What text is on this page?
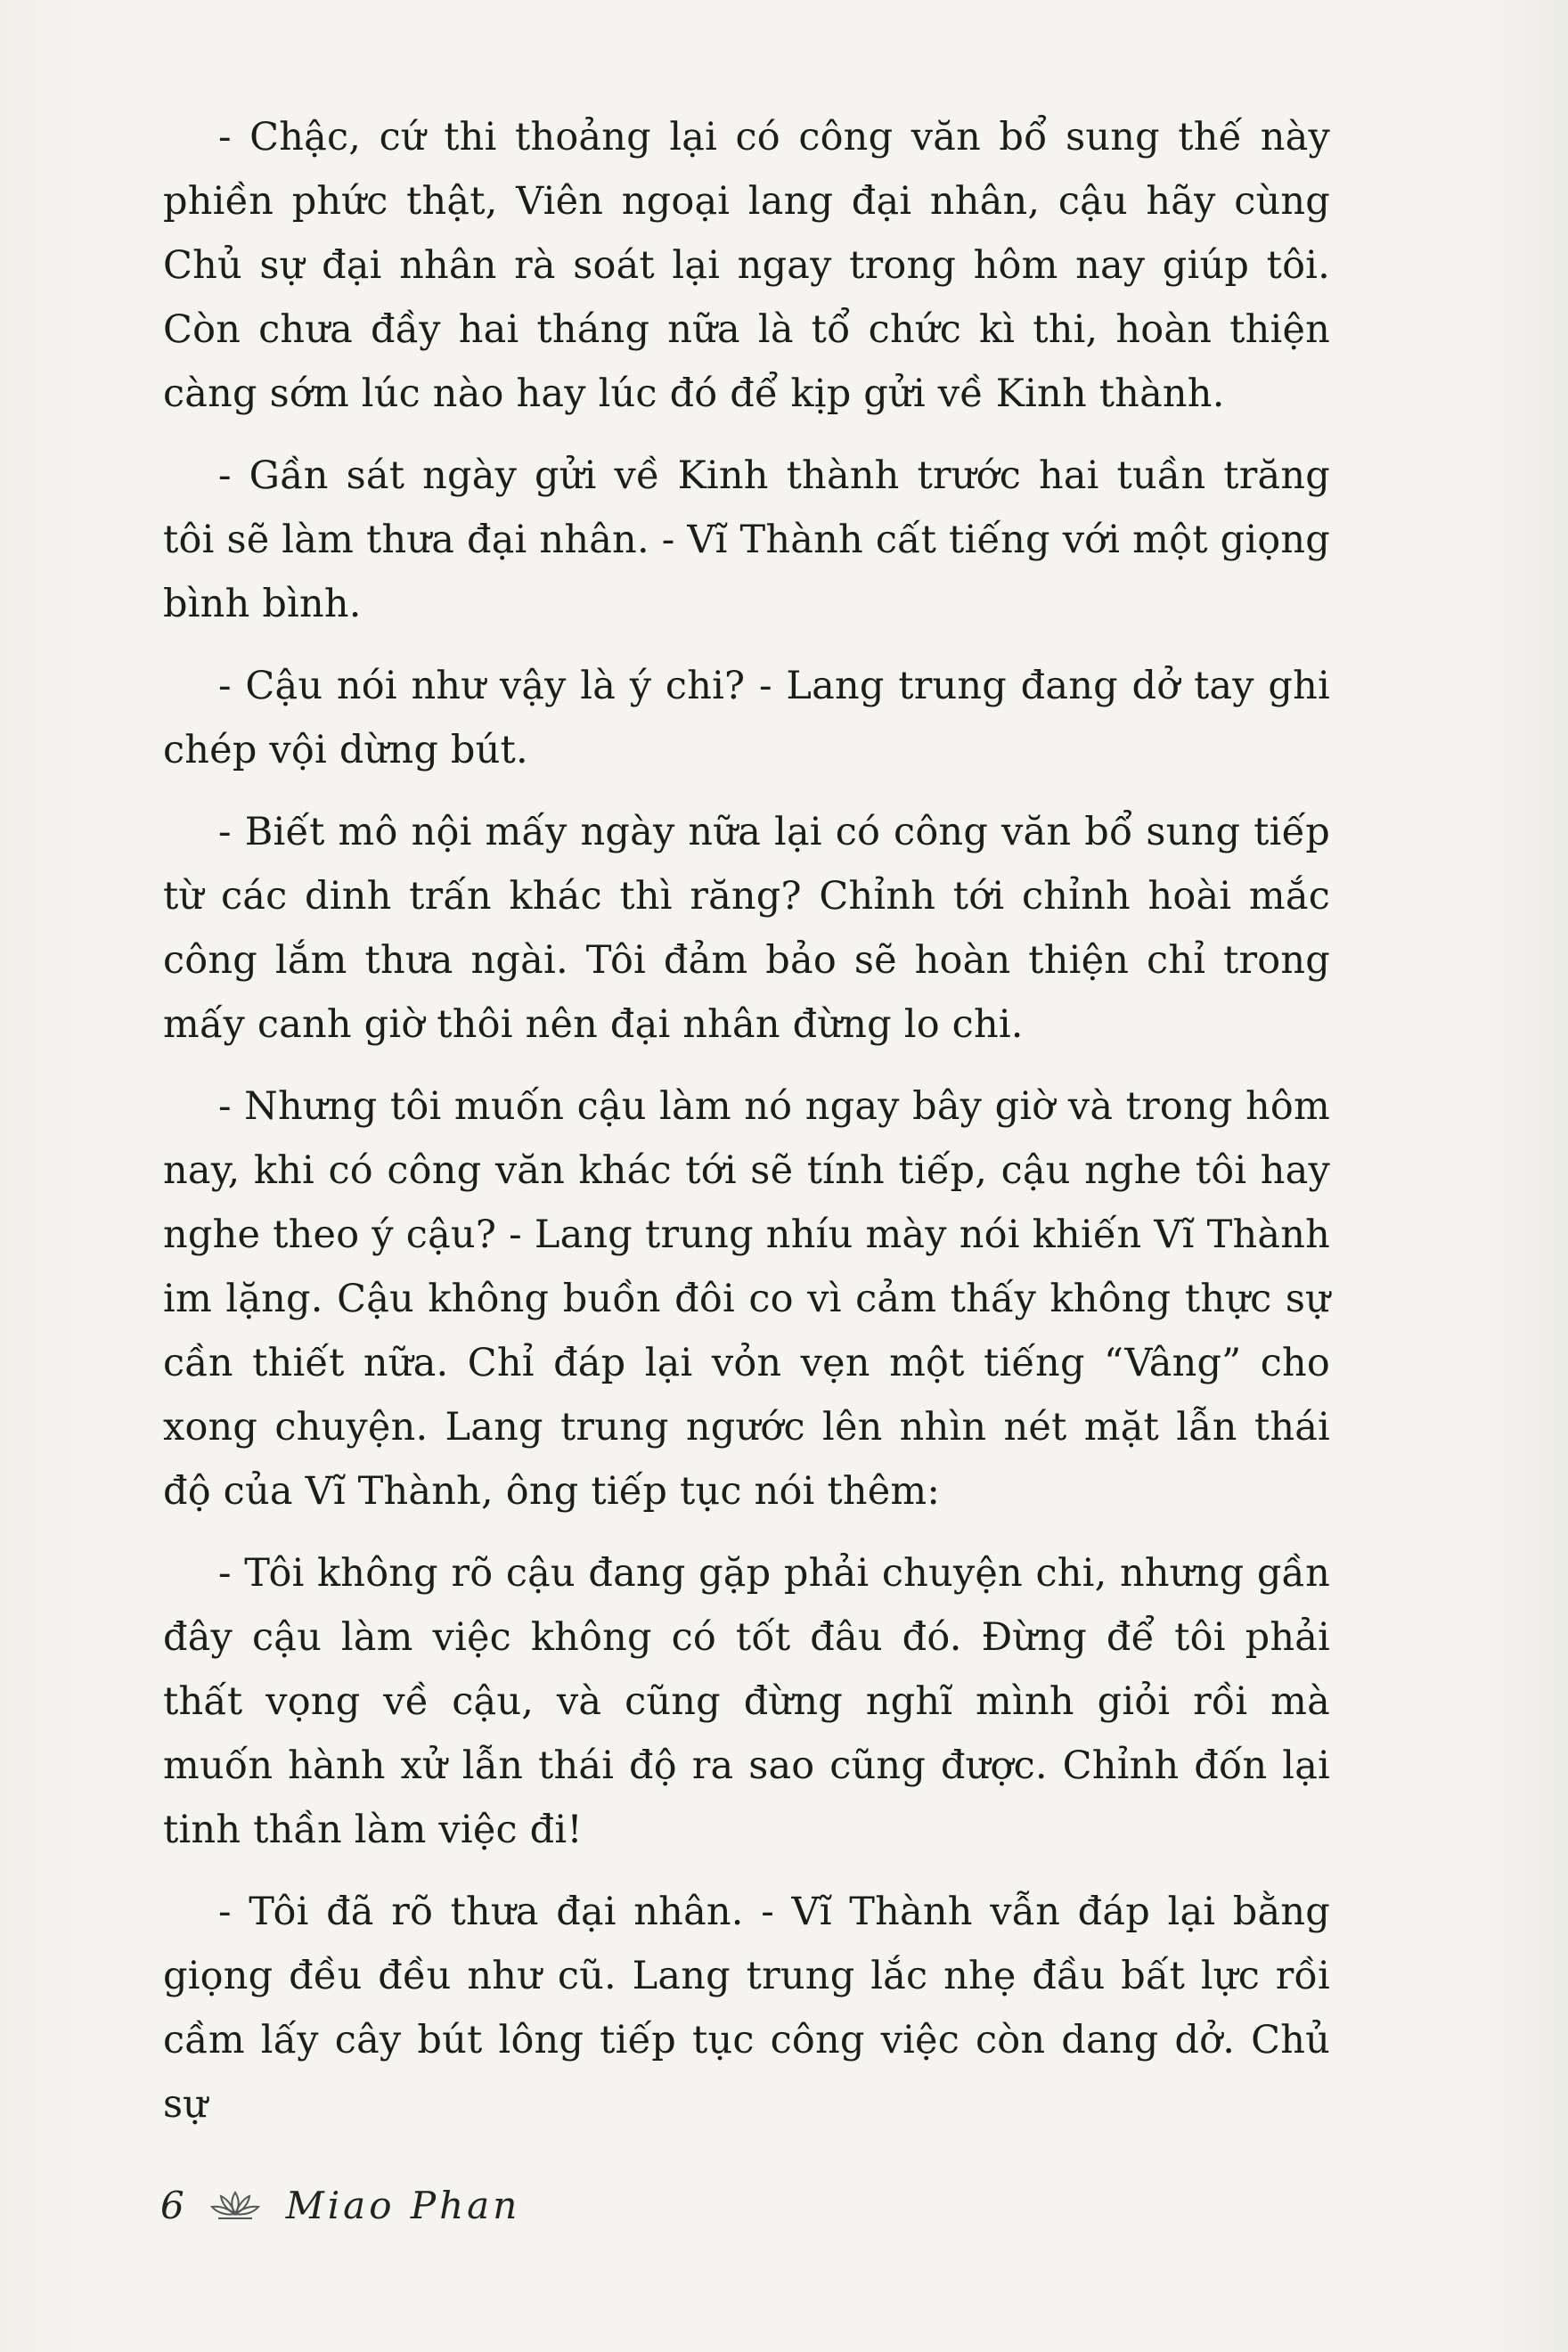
- Chậc, cứ thi thoảng lại có công văn bổ sung thế này phiền phức thật, Viên ngoại lang đại nhân, cậu hãy cùng Chủ sự đại nhân rà soát lại ngay trong hôm nay giúp tôi. Còn chưa đầy hai tháng nữa là tổ chức kì thi, hoàn thiện càng sớm lúc nào hay lúc đó để kịp gửi về Kinh thành.

- Gần sát ngày gửi về Kinh thành trước hai tuần trăng tôi sẽ làm thưa đại nhân. - Vĩ Thành cất tiếng với một giọng bình bình.

- Cậu nói như vậy là ý chi? - Lang trung đang dở tay ghi chép vội dừng bút.

- Biết mô nội mấy ngày nữa lại có công văn bổ sung tiếp từ các dinh trấn khác thì răng? Chỉnh tới chỉnh hoài mắc công lắm thưa ngài. Tôi đảm bảo sẽ hoàn thiện chỉ trong mấy canh giờ thôi nên đại nhân đừng lo chi.

- Nhưng tôi muốn cậu làm nó ngay bây giờ và trong hôm nay, khi có công văn khác tới sẽ tính tiếp, cậu nghe tôi hay nghe theo ý cậu? - Lang trung nhíu mày nói khiến Vĩ Thành im lặng. Cậu không buồn đôi co vì cảm thấy không thực sự cần thiết nữa. Chỉ đáp lại vỏn vẹn một tiếng “Vâng” cho xong chuyện. Lang trung ngước lên nhìn nét mặt lẫn thái độ của Vĩ Thành, ông tiếp tục nói thêm:

- Tôi không rõ cậu đang gặp phải chuyện chi, nhưng gần đây cậu làm việc không có tốt đâu đó. Đừng để tôi phải thất vọng về cậu, và cũng đừng nghĩ mình giỏi rồi mà muốn hành xử lẫn thái độ ra sao cũng được. Chỉnh đốn lại tinh thần làm việc đi!

- Tôi đã rõ thưa đại nhân. - Vĩ Thành vẫn đáp lại bằng giọng đều đều như cũ. Lang trung lắc nhẹ đầu bất lực rồi cầm lấy cây bút lông tiếp tục công việc còn dang dở. Chủ sự

6	Miao Phan
